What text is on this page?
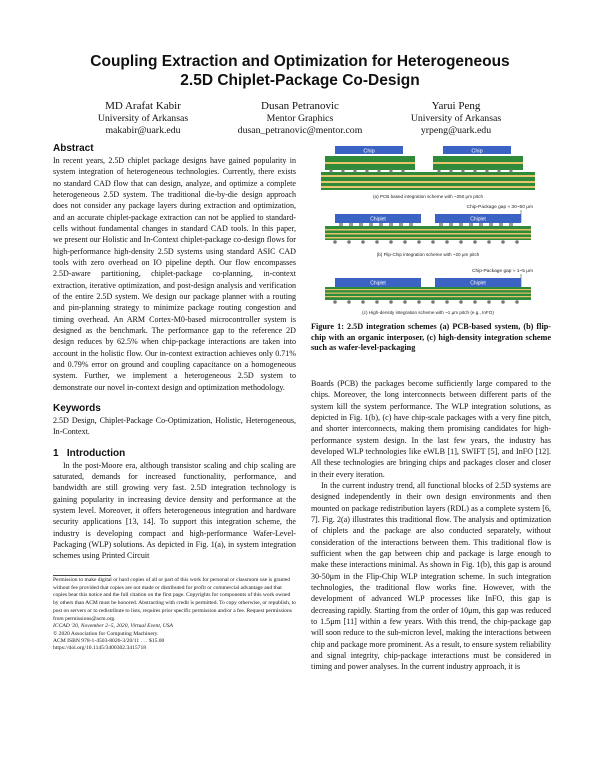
Coupling Extraction and Optimization for Heterogeneous
2.5D Chiplet-Package Co-Design
MD Arafat Kabir
University of Arkansas
makabir@uark.edu
Dusan Petranovic
Mentor Graphics
dusan_petranovic@mentor.com
Yarui Peng
University of Arkansas
yrpeng@uark.edu
Abstract

In recent years, 2.5D chiplet package designs have gained popularity in system integration of heterogeneous technologies. Currently, there exists no standard CAD flow that can design, analyze, and optimize a complete heterogeneous 2.5D system. The traditional die-by-die design approach does not consider any package layers during extraction and optimization, and an accurate chiplet-package extraction can not be applied to standard-cells without fundamental changes in standard CAD tools. In this paper, we present our Holistic and In-Context chiplet-package co-design flows for high-performance high-density 2.5D systems using standard ASIC CAD tools with zero overhead on IO pipeline depth. Our flow encompasses 2.5D-aware partitioning, chiplet-package co-planning, in-context extraction, iterative optimization, and post-design analysis and verification of the entire 2.5D system. We design our package planner with a routing and pin-planning strategy to minimize package routing congestion and timing overhead. An ARM Cortex-M0-based microcontroller system is designed as the benchmark. The performance gap to the reference 2D design reduces by 62.5% when chip-package interactions are taken into account in the holistic flow. Our in-context extraction achieves only 0.71% and 0.79% error on ground and coupling capacitance on a homogeneous system. Further, we implement a heterogeneous 2.5D system to demonstrate our novel in-context design and optimization methodology.

Keywords

2.5D Design, Chiplet-Package Co-Optimization, Holistic, Heterogeneous, In-Context.

1 Introduction

In the post-Moore era, although transistor scaling and chip scaling are saturated, demands for increased functionality, performance, and bandwidth are still growing very fast. 2.5D integration technology is gaining popularity in increasing device density and performance at the system level. Moreover, it offers heterogeneous integration and hardware security applications [13, 14]. To support this integration scheme, the industry is developing compact and high-performance Wafer-Level-Packaging (WLP) solutions. As depicted in Fig. 1(a), in system integration schemes using Printed Circuit

Permission to make digital or hard copies of all or part of this work for personal or classroom use is granted without fee provided that copies are not made or distributed for profit or commercial advantage and that copies bear this notice and the full citation on the first page. Copyrights for components of this work owned by others than ACM must be honored. Abstracting with credit is permitted. To copy otherwise, or republish, to post on servers or to redistribute to lists, requires prior specific permission and/or a fee. Request permissions from permissions@acm.org.
ICCAD '20, November 2–5, 2020, Virtual Event, USA
© 2020 Association for Computing Machinery.
ACM ISBN 978-1-4503-8026-3/20/11 . . . $15.00
https://doi.org/10.1145/3400302.3415718
Chip	Chip
(a) PCB based integration scheme with ~250 μm pitch
Chip-Package gap ≈ 30~50 μm
Chiplet	Chiplet
(b) Flip-Chip integration scheme with ~20 μm pitch
Chip-Package gap ≈ 1~5 μm
Chiplet	Chiplet
(c) High-density integration scheme with ~1 μm pitch (e.g., InFO)
Figure 1: 2.5D integration schemes (a) PCB-based system, (b) flip-chip with an organic interposer, (c) high-density integration scheme such as wafer-level-packaging

Boards (PCB) the packages become sufficiently large compared to the chips. Moreover, the long interconnects between different parts of the system kill the system performance. The WLP integration solutions, as depicted in Fig. 1(b), (c) have chip-scale packages with a very fine pitch, and shorter interconnects, making them promising candidates for high-performance system design. In the last few years, the industry has developed WLP technologies like eWLB [1], SWIFT [5], and InFO [12]. All these technologies are bringing chips and packages closer and closer in their every iteration.

In the current industry trend, all functional blocks of 2.5D systems are designed independently in their own design environments and then mounted on package redistribution layers (RDL) as a complete system [6, 7]. Fig. 2(a) illustrates this traditional flow. The analysis and optimization of chiplets and the package are also conducted separately, without consideration of the interactions between them. This traditional flow is sufficient when the gap between chip and package is large enough to make these interactions minimal. As shown in Fig. 1(b), this gap is around 30-50μm in the Flip-Chip WLP integration scheme. In such integration technologies, the traditional flow works fine. However, with the development of advanced WLP processes like InFO, this gap is decreasing rapidly. Starting from the order of 10μm, this gap was reduced to 1.5μm [11] within a few years. With this trend, the chip-package gap will soon reduce to the sub-micron level, making the interactions between chip and package more prominent. As a result, to ensure system reliability and signal integrity, chip-package interactions must be considered in timing and power analyses. In the current industry approach, it is
